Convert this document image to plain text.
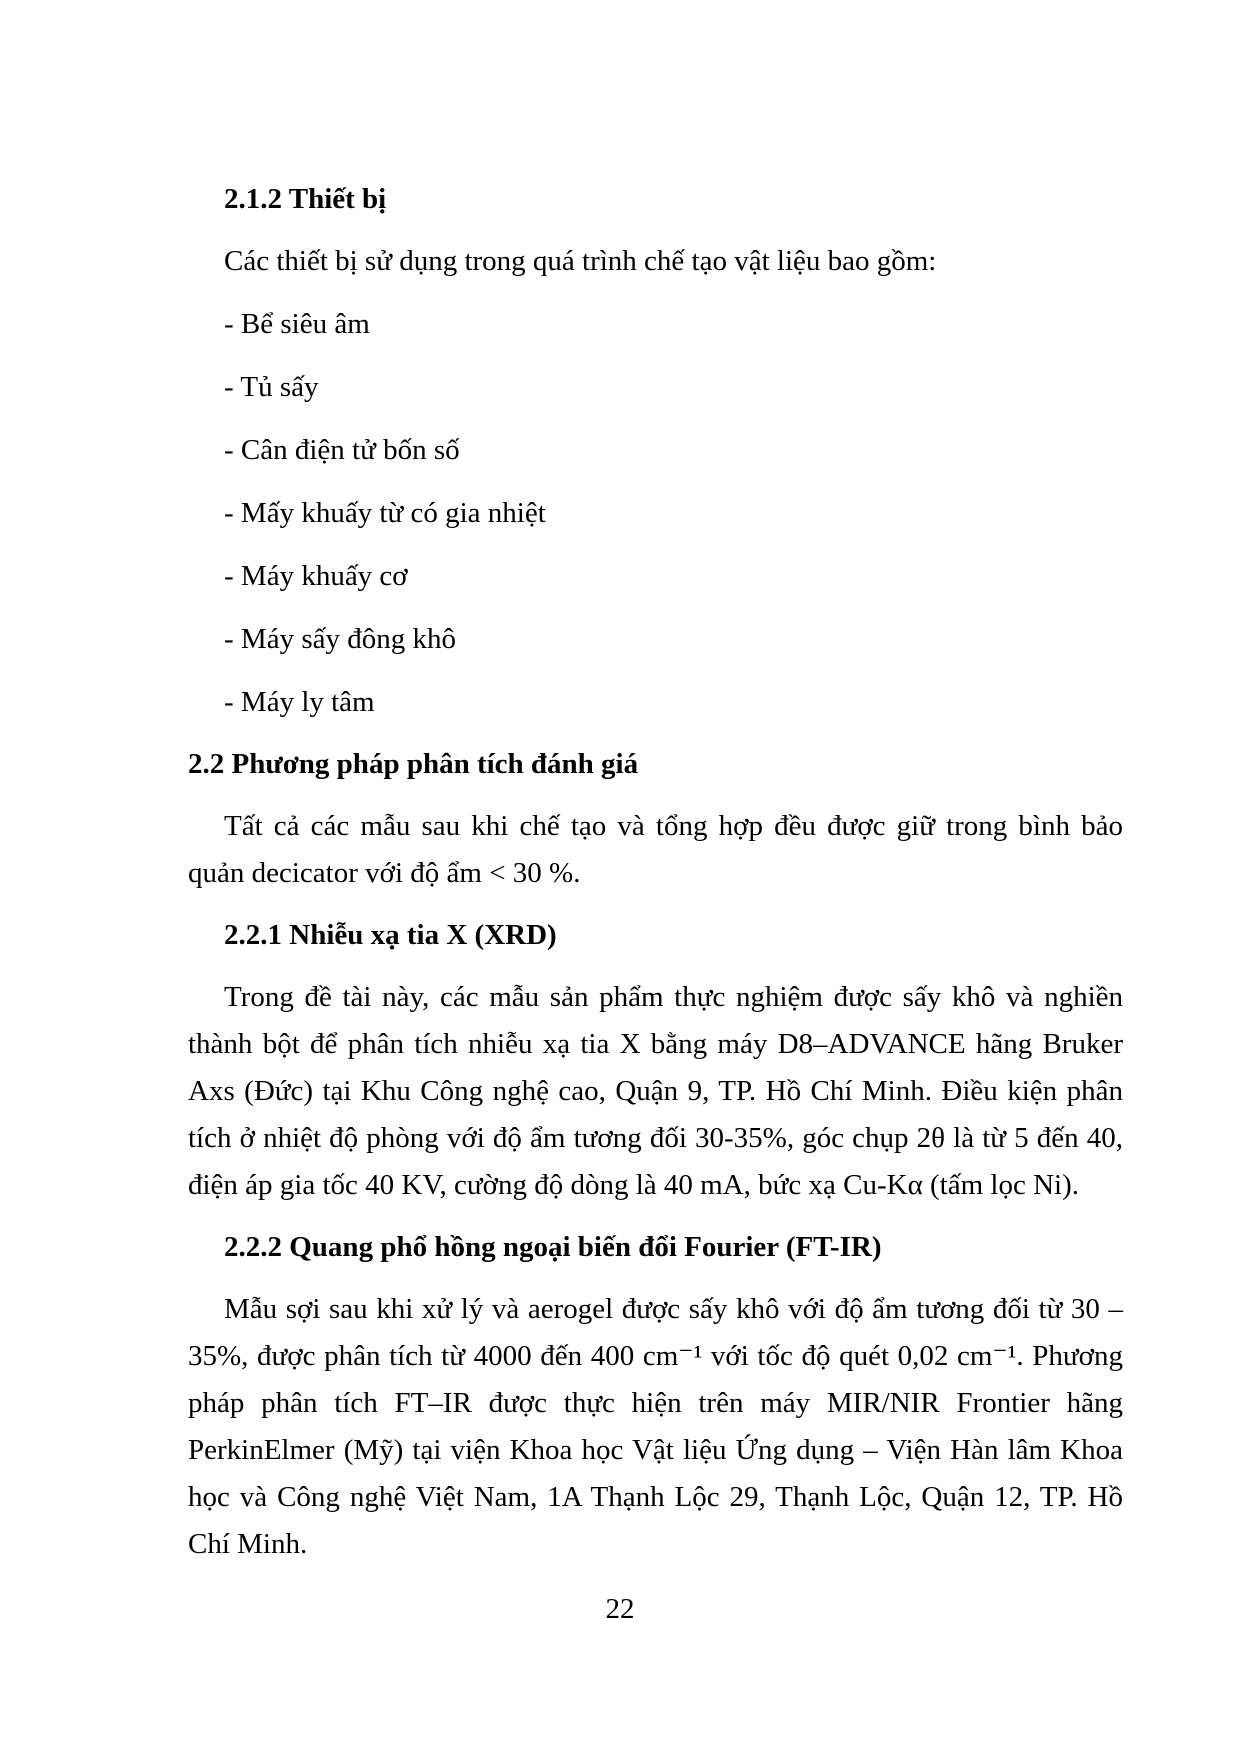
2.1.2 Thiết bị

Các thiết bị sử dụng trong quá trình chế tạo vật liệu bao gồm:

- Bể siêu âm
- Tủ sấy
- Cân điện tử bốn số
- Mấy khuấy từ có gia nhiệt
- Máy khuấy cơ
- Máy sấy đông khô
- Máy ly tâm
2.2 Phương pháp phân tích đánh giá

Tất cả các mẫu sau khi chế tạo và tổng hợp đều được giữ trong bình bảo quản decicator với độ ẩm < 30 %.

2.2.1 Nhiễu xạ tia X (XRD)

Trong đề tài này, các mẫu sản phẩm thực nghiệm được sấy khô và nghiền thành bột để phân tích nhiễu xạ tia X bằng máy D8–ADVANCE hãng Bruker Axs (Đức) tại Khu Công nghệ cao, Quận 9, TP. Hồ Chí Minh. Điều kiện phân tích ở nhiệt độ phòng với độ ẩm tương đối 30-35%, góc chụp 2θ là từ 5 đến 40, điện áp gia tốc 40 KV, cường độ dòng là 40 mA, bức xạ Cu-Kα (tấm lọc Ni).

2.2.2 Quang phổ hồng ngoại biến đổi Fourier (FT-IR)

Mẫu sợi sau khi xử lý và aerogel được sấy khô với độ ẩm tương đối từ 30 – 35%, được phân tích từ 4000 đến 400 cm⁻¹ với tốc độ quét 0,02 cm⁻¹. Phương pháp phân tích FT–IR được thực hiện trên máy MIR/NIR Frontier hãng PerkinElmer (Mỹ) tại viện Khoa học Vật liệu Ứng dụng – Viện Hàn lâm Khoa học và Công nghệ Việt Nam, 1A Thạnh Lộc 29, Thạnh Lộc, Quận 12, TP. Hồ Chí Minh.

22
